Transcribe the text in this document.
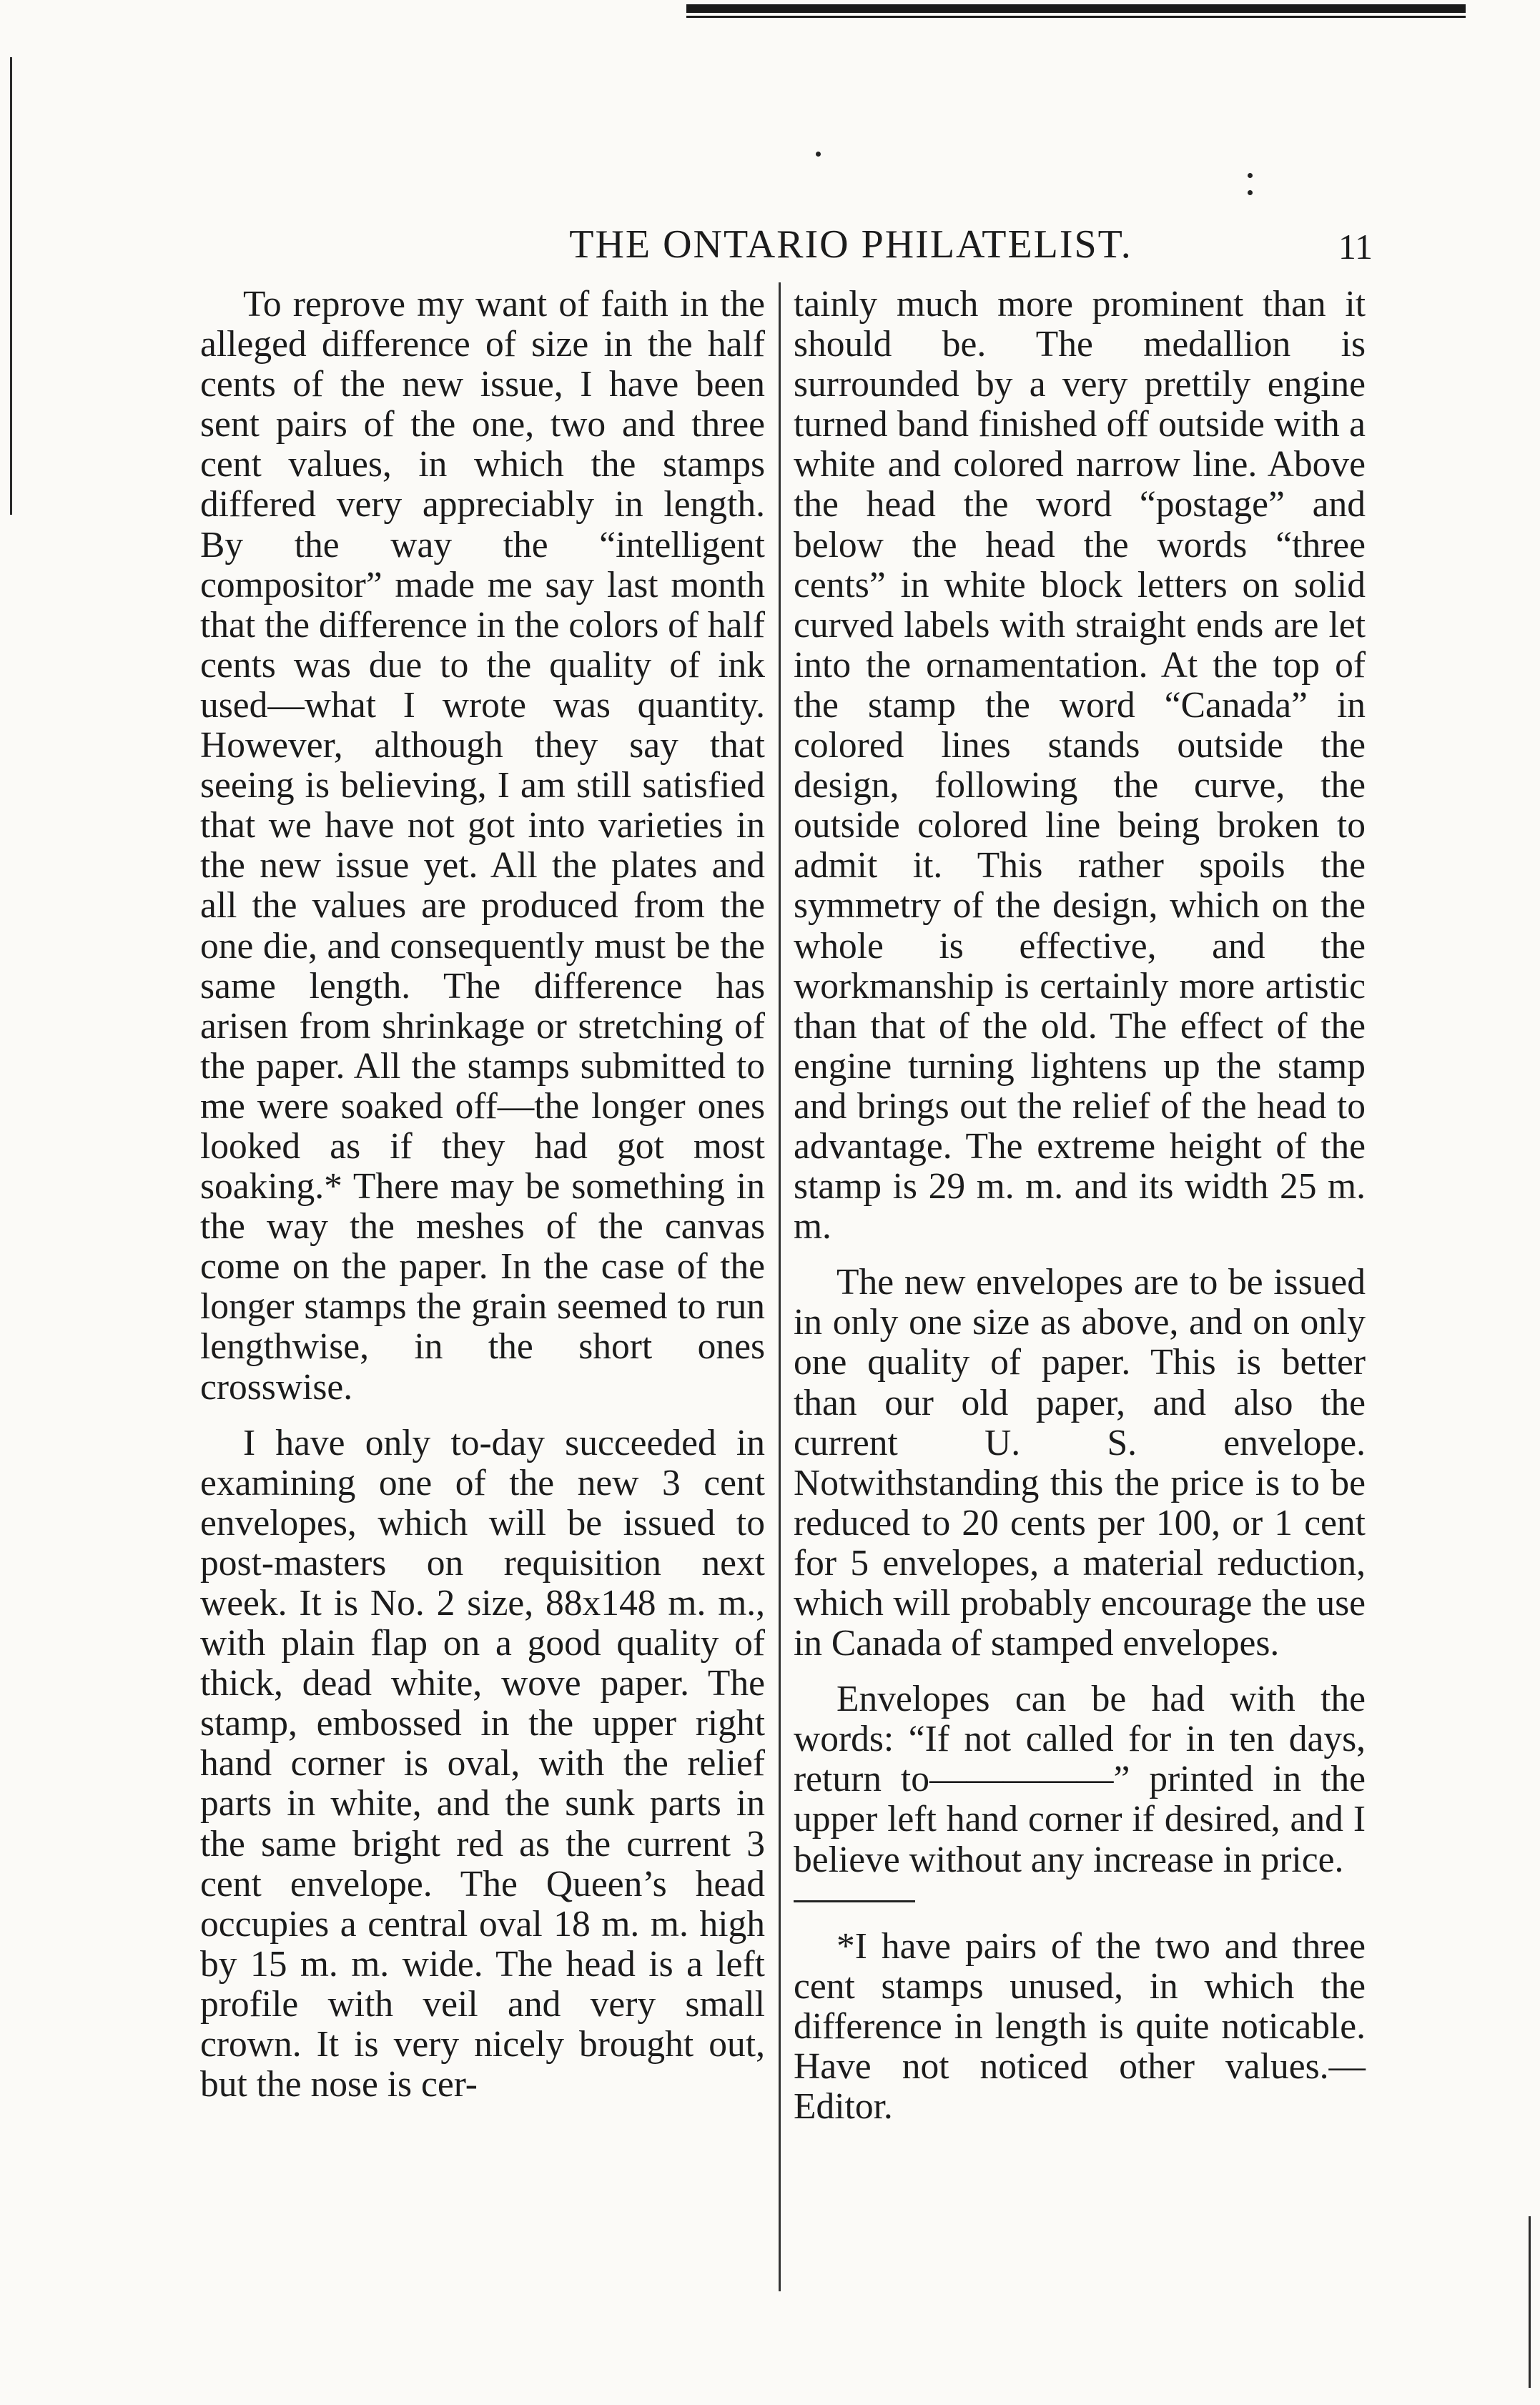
THE ONTARIO PHILATELIST.	11

To reprove my want of faith in the alleged difference of size in the half cents of the new issue, I have been sent pairs of the one, two and three cent values, in which the stamps differed very appreciably in length. By the way the “intelligent compositor” made me say last month that the difference in the colors of half cents was due to the quality of ink used—what I wrote was quantity. However, although they say that seeing is believing, I am still satisfied that we have not got into varieties in the new issue yet. All the plates and all the values are produced from the one die, and consequently must be the same length. The difference has arisen from shrinkage or stretching of the paper. All the stamps submitted to me were soaked off—the longer ones looked as if they had got most soaking.* There may be something in the way the meshes of the canvas come on the paper. In the case of the longer stamps the grain seemed to run lengthwise, in the short ones crosswise.

I have only to-day succeeded in examining one of the new 3 cent envelopes, which will be issued to post-masters on requisition next week. It is No. 2 size, 88x148 m. m., with plain flap on a good quality of thick, dead white, wove paper. The stamp, embossed in the upper right hand corner is oval, with the relief parts in white, and the sunk parts in the same bright red as the current 3 cent envelope. The Queen’s head occupies a central oval 18 m. m. high by 15 m. m. wide. The head is a left profile with veil and very small crown. It is very nicely brought out, but the nose is cer-

tainly much more prominent than it should be. The medallion is surrounded by a very prettily engine turned band finished off outside with a white and colored narrow line. Above the head the word “postage” and below the head the words “three cents” in white block letters on solid curved labels with straight ends are let into the ornamentation. At the top of the stamp the word “Canada” in colored lines stands outside the design, following the curve, the outside colored line being broken to admit it. This rather spoils the symmetry of the design, which on the whole is effective, and the workmanship is certainly more artistic than that of the old. The effect of the engine turning lightens up the stamp and brings out the relief of the head to advantage. The extreme height of the stamp is 29 m. m. and its width 25 m. m.

The new envelopes are to be issued in only one size as above, and on only one quality of paper. This is better than our old paper, and also the current U. S. envelope. Notwithstanding this the price is to be reduced to 20 cents per 100, or 1 cent for 5 envelopes, a material reduction, which will probably encourage the use in Canada of stamped envelopes.

Envelopes can be had with the words: “If not called for in ten days, return to—————” printed in the upper left hand corner if desired, and I believe without any increase in price.

*I have pairs of the two and three cent stamps unused, in which the difference in length is quite noticable. Have not noticed other values.—Editor.
